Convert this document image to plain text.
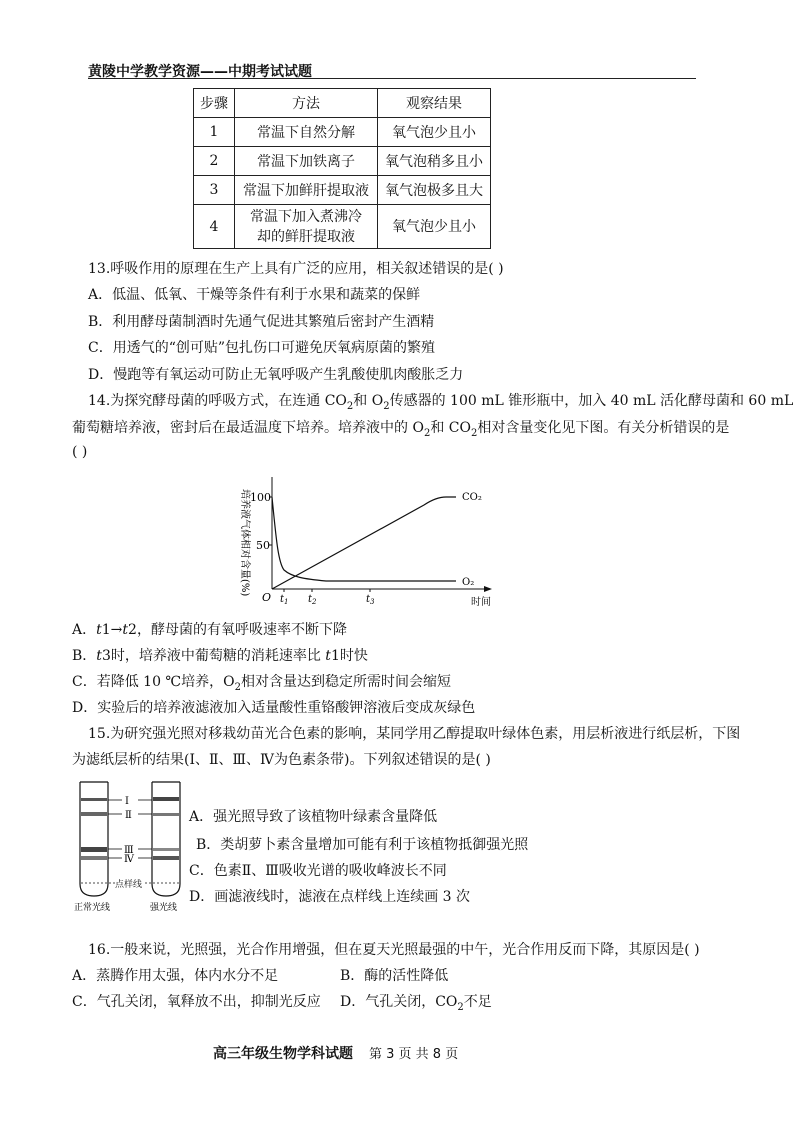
黄陵中学教学资源——中期考试试题
步骤	方法	观察结果
1	常温下自然分解	氧气泡少且小
2	常温下加铁离子	氧气泡稍多且小
3	常温下加鲜肝提取液	氧气泡极多且大
4	常温下加入煮沸冷
却的鲜肝提取液	氧气泡少且小
13.呼吸作用的原理在生产上具有广泛的应用，相关叙述错误的是( )
A．低温、低氧、干燥等条件有利于水果和蔬菜的保鲜
B．利用酵母菌制酒时先通气促进其繁殖后密封产生酒精
C．用透气的“创可贴”包扎伤口可避免厌氧病原菌的繁殖
D．慢跑等有氧运动可防止无氧呼吸产生乳酸使肌肉酸胀乏力
14.为探究酵母菌的呼吸方式，在连通 $CO_2$和 $O_2$传感器的 100 mL 锥形瓶中，加入 40 mL 活化酵母菌和 60 mL
葡萄糖培养液，密封后在最适温度下培养。培养液中的 $O_2$和 $CO_2$相对含量变化见下图。有关分析错误的是
( )
100
50
培养液气体相对含量(%)
O $t_1$ $t_2$	$t_3$	时间
CO₂
O₂
A．t1→t2，酵母菌的有氧呼吸速率不断下降
B．t3时，培养液中葡萄糖的消耗速率比 t1时快
C．若降低 10 ℃培养，$O_2$相对含量达到稳定所需时间会缩短
D．实验后的培养液滤液加入适量酸性重铬酸钾溶液后变成灰绿色
15.为研究强光照对移栽幼苗光合色素的影响，某同学用乙醇提取叶绿体色素，用层析液进行纸层析，下图
为滤纸层析的结果(Ⅰ、Ⅱ、Ⅲ、Ⅳ为色素条带)。下列叙述错误的是( )
Ⅰ
Ⅱ
Ⅲ
Ⅳ
点样线
正常光线	强光线
A．强光照导致了该植物叶绿素含量降低
B．类胡萝卜素含量增加可能有利于该植物抵御强光照
C．色素Ⅱ、Ⅲ吸收光谱的吸收峰波长不同
D．画滤液线时，滤液在点样线上连续画 3 次
16.一般来说，光照强，光合作用增强，但在夏天光照最强的中午，光合作用反而下降，其原因是( )
A．蒸腾作用太强，体内水分不足	B．酶的活性降低
C．气孔关闭，氧释放不出，抑制光反应 D．气孔关闭，$CO_2$不足
高三年级生物学科试题 第 3 页 共 8 页
